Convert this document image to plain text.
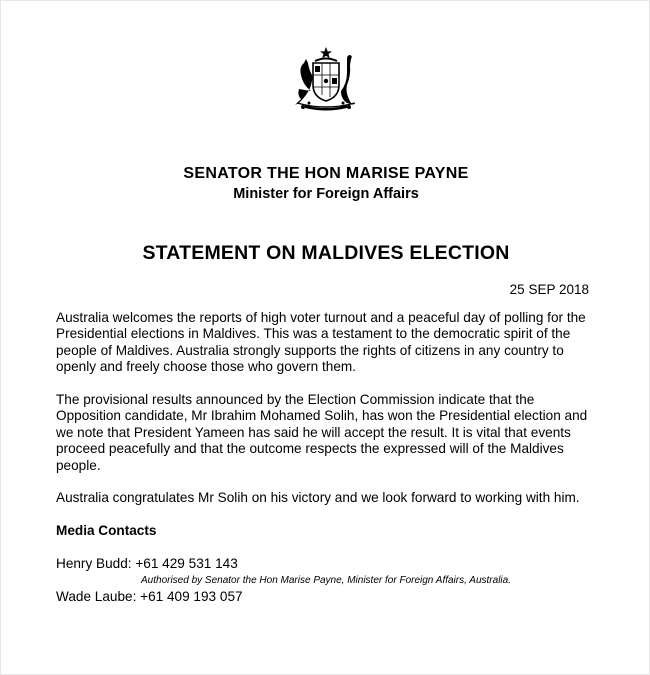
SENATOR THE HON MARISE PAYNE
Minister for Foreign Affairs
STATEMENT ON MALDIVES ELECTION
25 SEP 2018

Australia welcomes the reports of high voter turnout and a peaceful day of polling for the Presidential elections in Maldives. This was a testament to the democratic spirit of the people of Maldives. Australia strongly supports the rights of citizens in any country to openly and freely choose those who govern them.

The provisional results announced by the Election Commission indicate that the Opposition candidate, Mr Ibrahim Mohamed Solih, has won the Presidential election and we note that President Yameen has said he will accept the result. It is vital that events proceed peacefully and that the outcome respects the expressed will of the Maldives people.

Australia congratulates Mr Solih on his victory and we look forward to working with him.

Media Contacts

Henry Budd: +61 429 531 143

Wade Laube: +61 409 193 057

Authorised by Senator the Hon Marise Payne, Minister for Foreign Affairs, Australia.
